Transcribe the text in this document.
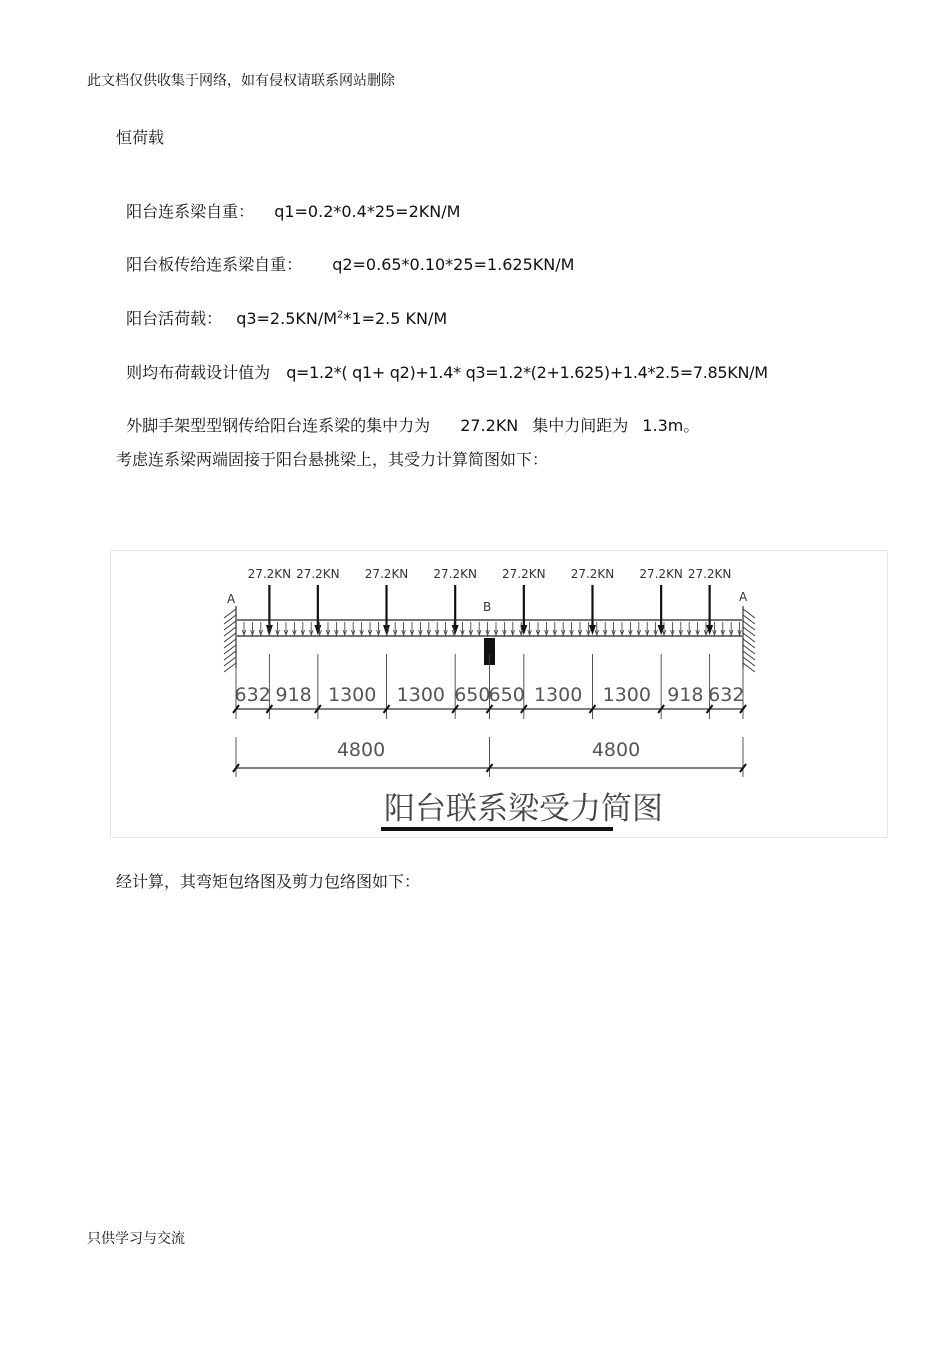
此文档仅供收集于网络，如有侵权请联系网站删除
恒荷载

阳台连系梁自重： q1=0.2*0.4*25=2KN/M

阳台板传给连系梁自重： q2=0.65*0.10*25=1.625KN/M

阳台活荷载： $q3=2.5KN/M^2*1=2.5$ KN/M

则均布荷载设计值为 q=1.2*( q1+ q2)+1.4* q3=1.2*(2+1.625)+1.4*2.5=7.85KN/M

外脚手架型型钢传给阳台连系梁的集中力为 27.2KN 集中力间距为 1.3m。

考虑连系梁两端固接于阳台悬挑梁上，其受力计算简图如下：
27.2KN 27.2KN 27.2KN 27.2KN 27.2KN 27.2KN 27.2KN 27.2KN
A	A
B
632 918 1300 1300 650
650 1300 1300 918 632
4800	4800
阳台联系梁受力简图
经计算，其弯矩包络图及剪力包络图如下：
只供学习与交流
